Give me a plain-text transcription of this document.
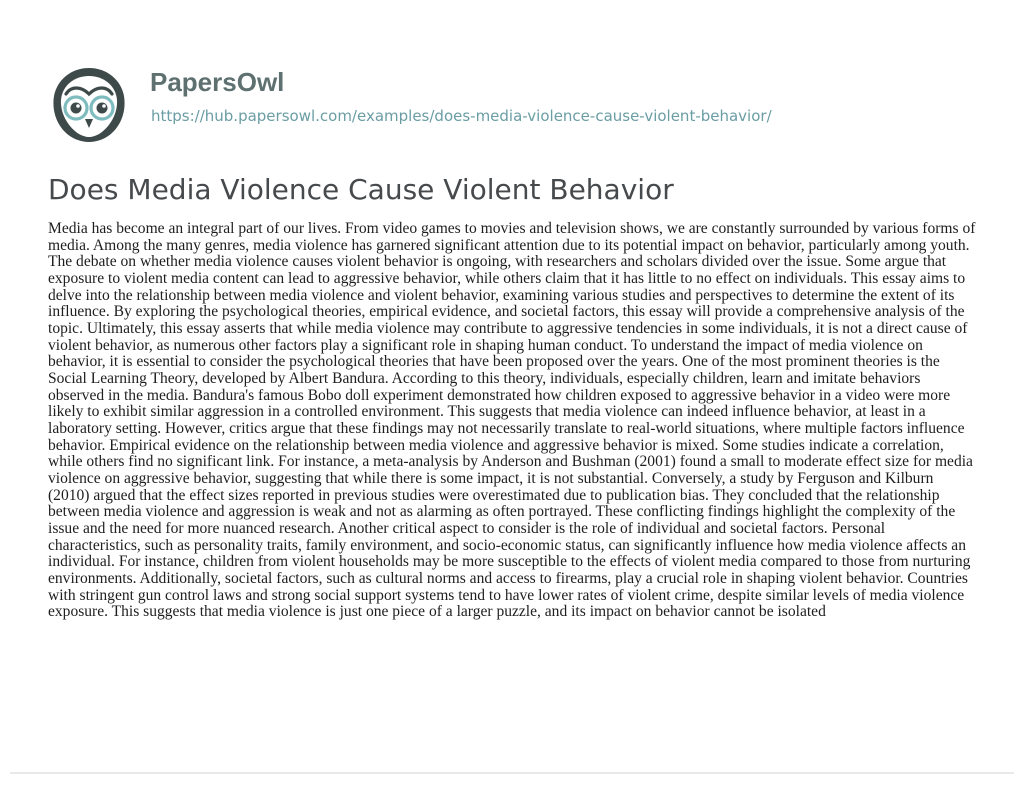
PapersOwl
https://hub.papersowl.com/examples/does-media-violence-cause-violent-behavior/
Does Media Violence Cause Violent Behavior

Media has become an integral part of our lives. From video games to movies and television shows, we are constantly surrounded by various forms of media. Among the many genres, media violence has garnered significant attention due to its potential impact on behavior, particularly among youth. The debate on whether media violence causes violent behavior is ongoing, with researchers and scholars divided over the issue. Some argue that exposure to violent media content can lead to aggressive behavior, while others claim that it has little to no effect on individuals. This essay aims to delve into the relationship between media violence and violent behavior, examining various studies and perspectives to determine the extent of its influence. By exploring the psychological theories, empirical evidence, and societal factors, this essay will provide a comprehensive analysis of the topic. Ultimately, this essay asserts that while media violence may contribute to aggressive tendencies in some individuals, it is not a direct cause of violent behavior, as numerous other factors play a significant role in shaping human conduct. To understand the impact of media violence on behavior, it is essential to consider the psychological theories that have been proposed over the years. One of the most prominent theories is the Social Learning Theory, developed by Albert Bandura. According to this theory, individuals, especially children, learn and imitate behaviors observed in the media. Bandura's famous Bobo doll experiment demonstrated how children exposed to aggressive behavior in a video were more likely to exhibit similar aggression in a controlled environment. This suggests that media violence can indeed influence behavior, at least in a laboratory setting. However, critics argue that these findings may not necessarily translate to real-world situations, where multiple factors influence behavior. Empirical evidence on the relationship between media violence and aggressive behavior is mixed. Some studies indicate a correlation, while others find no significant link. For instance, a meta-analysis by Anderson and Bushman (2001) found a small to moderate effect size for media violence on aggressive behavior, suggesting that while there is some impact, it is not substantial. Conversely, a study by Ferguson and Kilburn (2010) argued that the effect sizes reported in previous studies were overestimated due to publication bias. They concluded that the relationship between media violence and aggression is weak and not as alarming as often portrayed. These conflicting findings highlight the complexity of the issue and the need for more nuanced research. Another critical aspect to consider is the role of individual and societal factors. Personal characteristics, such as personality traits, family environment, and socio-economic status, can significantly influence how media violence affects an individual. For instance, children from violent households may be more susceptible to the effects of violent media compared to those from nurturing environments. Additionally, societal factors, such as cultural norms and access to firearms, play a crucial role in shaping violent behavior. Countries with stringent gun control laws and strong social support systems tend to have lower rates of violent crime, despite similar levels of media violence exposure. This suggests that media violence is just one piece of a larger puzzle, and its impact on behavior cannot be isolated
